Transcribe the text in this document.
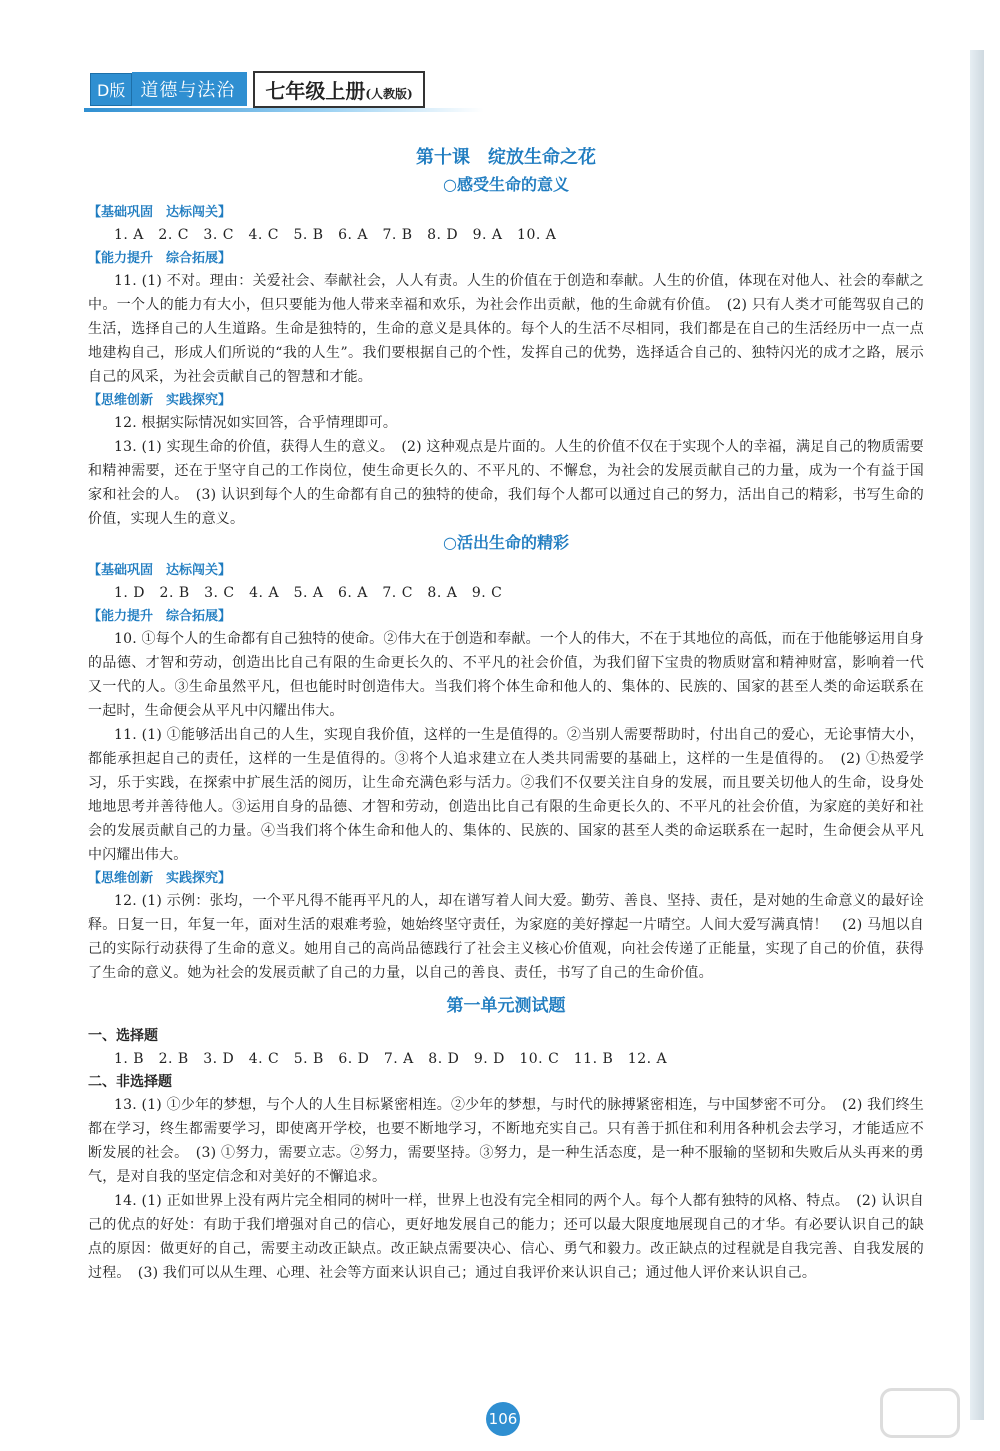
D版 道德与法治	七年级上册(人教版)
第十课　绽放生命之花
○感受生命的意义
【基础巩固　达标闯关】
1. A　2. C　3. C　4. C　5. B　6. A　7. B　8. D　9. A　10. A
【能力提升　综合拓展】

11. (1) 不对。理由：关爱社会、奉献社会，人人有责。人生的价值在于创造和奉献。人生的价值，体现在对他人、社会的奉献之中。一个人的能力有大小，但只要能为他人带来幸福和欢乐，为社会作出贡献，他的生命就有价值。　(2) 只有人类才可能驾驭自己的生活，选择自己的人生道路。生命是独特的，生命的意义是具体的。每个人的生活不尽相同，我们都是在自己的生活经历中一点一点地建构自己，形成人们所说的“我的人生”。我们要根据自己的个性，发挥自己的优势，选择适合自己的、独特闪光的成才之路，展示自己的风采，为社会贡献自己的智慧和才能。

【思维创新　实践探究】

12. 根据实际情况如实回答，合乎情理即可。

13. (1) 实现生命的价值，获得人生的意义。　(2) 这种观点是片面的。人生的价值不仅在于实现个人的幸福，满足自己的物质需要和精神需要，还在于坚守自己的工作岗位，使生命更长久的、不平凡的、不懈怠，为社会的发展贡献自己的力量，成为一个有益于国家和社会的人。　(3) 认识到每个人的生命都有自己的独特的使命，我们每个人都可以通过自己的努力，活出自己的精彩，书写生命的价值，实现人生的意义。

○活出生命的精彩
【基础巩固　达标闯关】
1. D　2. B　3. C　4. A　5. A　6. A　7. C　8. A　9. C
【能力提升　综合拓展】

10. ①每个人的生命都有自己独特的使命。②伟大在于创造和奉献。一个人的伟大，不在于其地位的高低，而在于他能够运用自身的品德、才智和劳动，创造出比自己有限的生命更长久的、不平凡的社会价值，为我们留下宝贵的物质财富和精神财富，影响着一代又一代的人。③生命虽然平凡，但也能时时创造伟大。当我们将个体生命和他人的、集体的、民族的、国家的甚至人类的命运联系在一起时，生命便会从平凡中闪耀出伟大。

11. (1) ①能够活出自己的人生，实现自我价值，这样的一生是值得的。②当别人需要帮助时，付出自己的爱心，无论事情大小，都能承担起自己的责任，这样的一生是值得的。③将个人追求建立在人类共同需要的基础上，这样的一生是值得的。　(2) ①热爱学习，乐于实践，在探索中扩展生活的阅历，让生命充满色彩与活力。②我们不仅要关注自身的发展，而且要关切他人的生命，设身处地地思考并善待他人。③运用自身的品德、才智和劳动，创造出比自己有限的生命更长久的、不平凡的社会价值，为家庭的美好和社会的发展贡献自己的力量。④当我们将个体生命和他人的、集体的、民族的、国家的甚至人类的命运联系在一起时，生命便会从平凡中闪耀出伟大。

【思维创新　实践探究】

12. (1) 示例：张均，一个平凡得不能再平凡的人，却在谱写着人间大爱。勤劳、善良、坚持、责任，是对她的生命意义的最好诠释。日复一日，年复一年，面对生活的艰难考验，她始终坚守责任，为家庭的美好撑起一片晴空。人间大爱写满真情！　(2) 马旭以自己的实际行动获得了生命的意义。她用自己的高尚品德践行了社会主义核心价值观，向社会传递了正能量，实现了自己的价值，获得了生命的意义。她为社会的发展贡献了自己的力量，以自己的善良、责任，书写了自己的生命价值。

第一单元测试题
一、选择题
1. B　2. B　3. D　4. C　5. B　6. D　7. A　8. D　9. D　10. C　11. B　12. A
二、非选择题

13. (1) ①少年的梦想，与个人的人生目标紧密相连。②少年的梦想，与时代的脉搏紧密相连，与中国梦密不可分。　(2) 我们终生都在学习，终生都需要学习，即使离开学校，也要不断地学习，不断地充实自己。只有善于抓住和利用各种机会去学习，才能适应不断发展的社会。　(3) ①努力，需要立志。②努力，需要坚持。③努力，是一种生活态度，是一种不服输的坚韧和失败后从头再来的勇气，是对自我的坚定信念和对美好的不懈追求。

14. (1) 正如世界上没有两片完全相同的树叶一样，世界上也没有完全相同的两个人。每个人都有独特的风格、特点。　(2) 认识自己的优点的好处：有助于我们增强对自己的信心，更好地发展自己的能力；还可以最大限度地展现自己的才华。有必要认识自己的缺点的原因：做更好的自己，需要主动改正缺点。改正缺点需要决心、信心、勇气和毅力。改正缺点的过程就是自我完善、自我发展的过程。　(3) 我们可以从生理、心理、社会等方面来认识自己；通过自我评价来认识自己；通过他人评价来认识自己。

106
